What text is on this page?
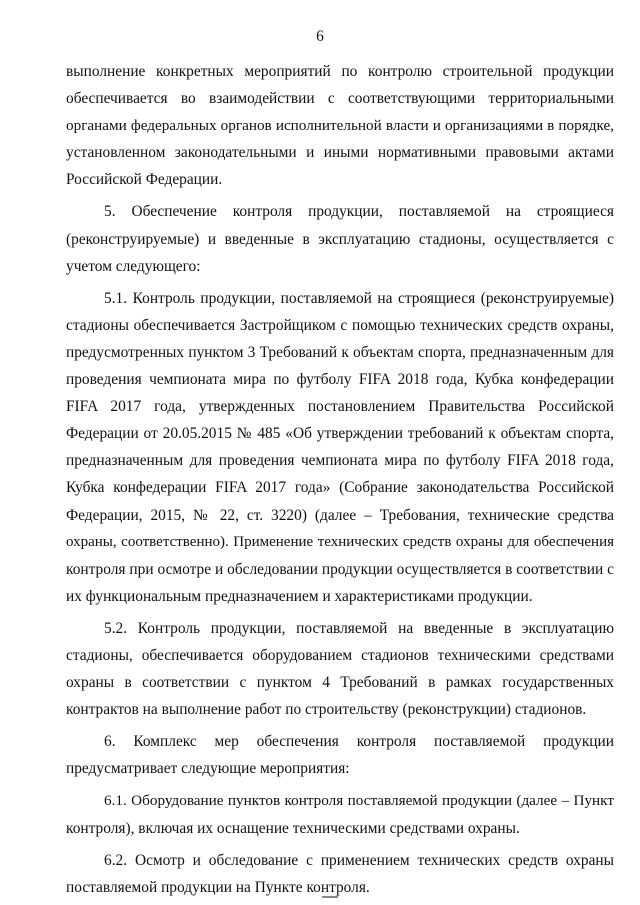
6
выполнение конкретных мероприятий по контролю строительной продукции
обеспечивается во взаимодействии с соответствующими территориальными
органами федеральных органов исполнительной власти и организациями в порядке,
установленном законодательными и иными нормативными правовыми актами
Российской Федерации.
5. Обеспечение контроля продукции, поставляемой на строящиеся
(реконструируемые) и введенные в эксплуатацию стадионы, осуществляется с
учетом следующего:
5.1. Контроль продукции, поставляемой на строящиеся (реконструируемые)
стадионы обеспечивается Застройщиком с помощью технических средств охраны,
предусмотренных пунктом 3 Требований к объектам спорта, предназначенным для
проведения чемпионата мира по футболу FIFA 2018 года, Кубка конфедерации
FIFA 2017 года, утвержденных постановлением Правительства Российской
Федерации от 20.05.2015 № 485 «Об утверждении требований к объектам спорта,
предназначенным для проведения чемпионата мира по футболу FIFA 2018 года,
Кубка конфедерации FIFA 2017 года» (Собрание законодательства Российской
Федерации, 2015, № 22, ст. 3220) (далее – Требования, технические средства
охраны, соответственно). Применение технических средств охраны для обеспечения
контроля при осмотре и обследовании продукции осуществляется в соответствии с
их функциональным предназначением и характеристиками продукции.
5.2. Контроль продукции, поставляемой на введенные в эксплуатацию
стадионы, обеспечивается оборудованием стадионов техническими средствами
охраны в соответствии с пунктом 4 Требований в рамках государственных
контрактов на выполнение работ по строительству (реконструкции) стадионов.
6. Комплекс мер обеспечения контроля поставляемой продукции
предусматривает следующие мероприятия:
6.1. Оборудование пунктов контроля поставляемой продукции (далее – Пункт
контроля), включая их оснащение техническими средствами охраны.
6.2. Осмотр и обследование с применением технических средств охраны
поставляемой продукции на Пункте контроля.
